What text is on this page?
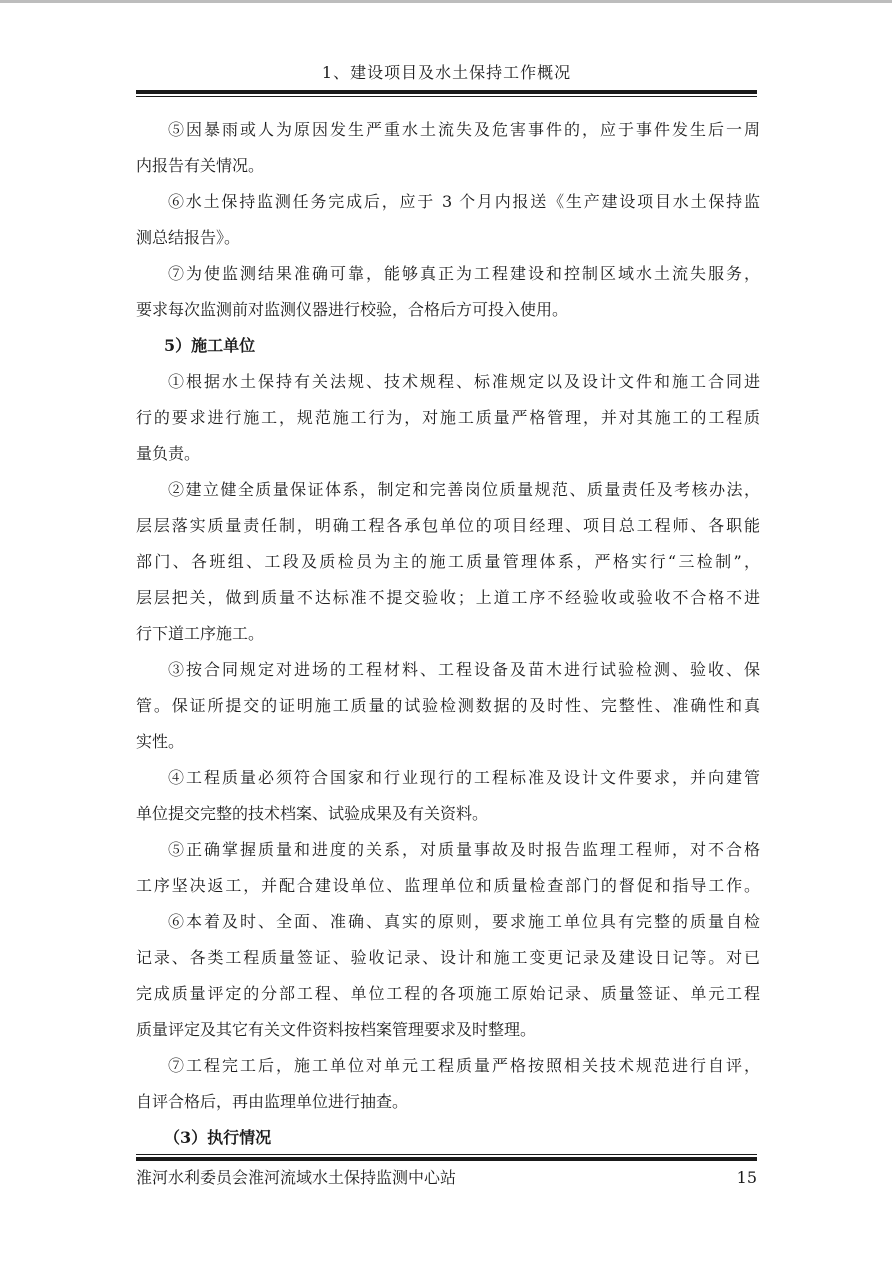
1、建设项目及水土保持工作概况
⑤因暴雨或人为原因发生严重水土流失及危害事件的，应于事件发生后一周
内报告有关情况。
⑥水土保持监测任务完成后，应于 3 个月内报送《生产建设项目水土保持监
测总结报告》。
⑦为使监测结果准确可靠，能够真正为工程建设和控制区域水土流失服务，
要求每次监测前对监测仪器进行校验，合格后方可投入使用。
5）施工单位
①根据水土保持有关法规、技术规程、标准规定以及设计文件和施工合同进
行的要求进行施工，规范施工行为，对施工质量严格管理，并对其施工的工程质
量负责。
②建立健全质量保证体系，制定和完善岗位质量规范、质量责任及考核办法，
层层落实质量责任制，明确工程各承包单位的项目经理、项目总工程师、各职能
部门、各班组、工段及质检员为主的施工质量管理体系，严格实行“三检制”，
层层把关，做到质量不达标准不提交验收；上道工序不经验收或验收不合格不进
行下道工序施工。
③按合同规定对进场的工程材料、工程设备及苗木进行试验检测、验收、保
管。保证所提交的证明施工质量的试验检测数据的及时性、完整性、准确性和真
实性。
④工程质量必须符合国家和行业现行的工程标准及设计文件要求，并向建管
单位提交完整的技术档案、试验成果及有关资料。
⑤正确掌握质量和进度的关系，对质量事故及时报告监理工程师，对不合格
工序坚决返工，并配合建设单位、监理单位和质量检查部门的督促和指导工作。
⑥本着及时、全面、准确、真实的原则，要求施工单位具有完整的质量自检
记录、各类工程质量签证、验收记录、设计和施工变更记录及建设日记等。对已
完成质量评定的分部工程、单位工程的各项施工原始记录、质量签证、单元工程
质量评定及其它有关文件资料按档案管理要求及时整理。
⑦工程完工后，施工单位对单元工程质量严格按照相关技术规范进行自评，
自评合格后，再由监理单位进行抽查。
（3）执行情况
淮河水利委员会淮河流域水土保持监测中心站	15
